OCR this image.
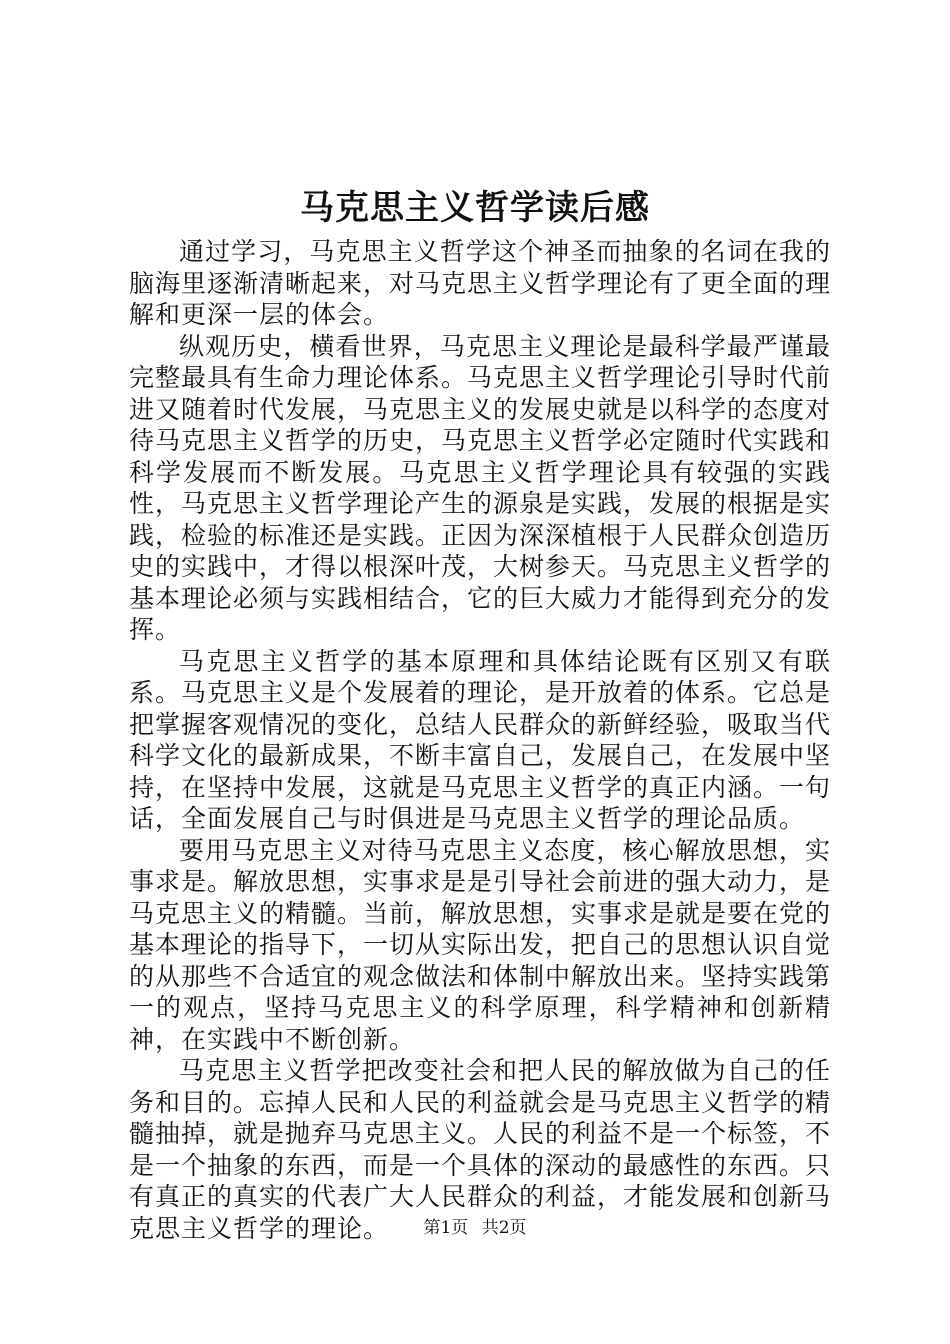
马克思主义哲学读后感

通过学习，马克思主义哲学这个神圣而抽象的名词在我的脑海里逐渐清晰起来，对马克思主义哲学理论有了更全面的理解和更深一层的体会。

纵观历史，横看世界，马克思主义理论是最科学最严谨最完整最具有生命力理论体系。马克思主义哲学理论引导时代前进又随着时代发展，马克思主义的发展史就是以科学的态度对待马克思主义哲学的历史，马克思主义哲学必定随时代实践和科学发展而不断发展。马克思主义哲学理论具有较强的实践性，马克思主义哲学理论产生的源泉是实践，发展的根据是实践，检验的标准还是实践。正因为深深植根于人民群众创造历史的实践中，才得以根深叶茂，大树参天。马克思主义哲学的基本理论必须与实践相结合，它的巨大威力才能得到充分的发挥。

马克思主义哲学的基本原理和具体结论既有区别又有联系。马克思主义是个发展着的理论，是开放着的体系。它总是把掌握客观情况的变化，总结人民群众的新鲜经验，吸取当代科学文化的最新成果，不断丰富自己，发展自己，在发展中坚持，在坚持中发展，这就是马克思主义哲学的真正内涵。一句话，全面发展自己与时俱进是马克思主义哲学的理论品质。

要用马克思主义对待马克思主义态度，核心解放思想，实事求是。解放思想，实事求是是引导社会前进的强大动力，是马克思主义的精髓。当前，解放思想，实事求是就是要在党的基本理论的指导下，一切从实际出发，把自己的思想认识自觉的从那些不合适宜的观念做法和体制中解放出来。坚持实践第一的观点，坚持马克思主义的科学原理，科学精神和创新精神，在实践中不断创新。

马克思主义哲学把改变社会和把人民的解放做为自己的任务和目的。忘掉人民和人民的利益就会是马克思主义哲学的精髓抽掉，就是抛弃马克思主义。人民的利益不是一个标签，不是一个抽象的东西，而是一个具体的深动的最感性的东西。只有真正的真实的代表广大人民群众的利益，才能发展和创新马克思主义哲学的理论。	第1页 共2页
